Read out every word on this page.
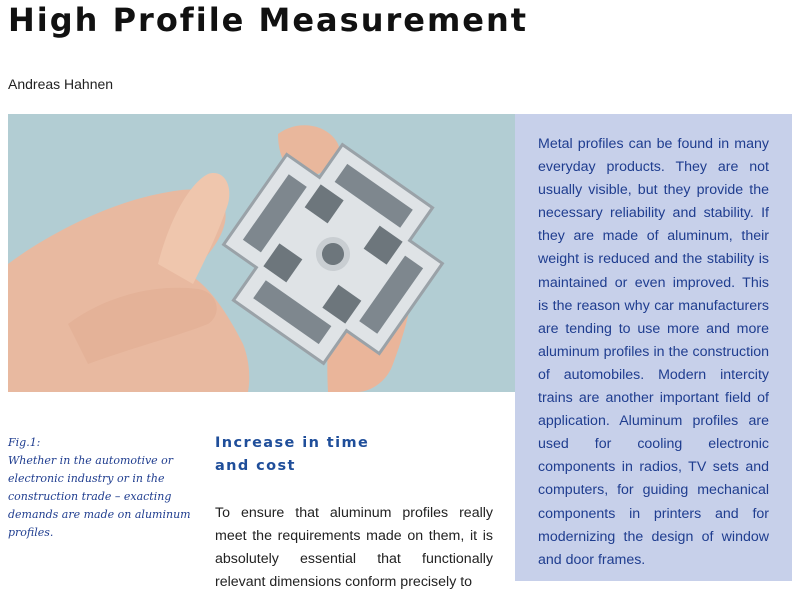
High Profile Measurement
Andreas Hahnen

Metal profiles can be found in many everyday products. They are not usually visible, but they provide the necessary reliability and stability. If they are made of aluminum, their weight is reduced and the stability is maintained or even improved. This is the reason why car manufacturers are tending to use more and more aluminum profiles in the construction of automobiles. Modern intercity trains are another important field of application. Aluminum profiles are used for cooling electronic components in radios, TV sets and computers, for guiding mechanical components in printers and for modernizing the design of window and door frames.

Fig.1:
Whether in the automotive or electronic industry or in the construction trade – exacting demands are made on aluminum profiles.
Increase in time
and cost

To ensure that aluminum profiles really meet the requirements made on them, it is absolutely essential that functionally relevant dimensions conform precisely to
